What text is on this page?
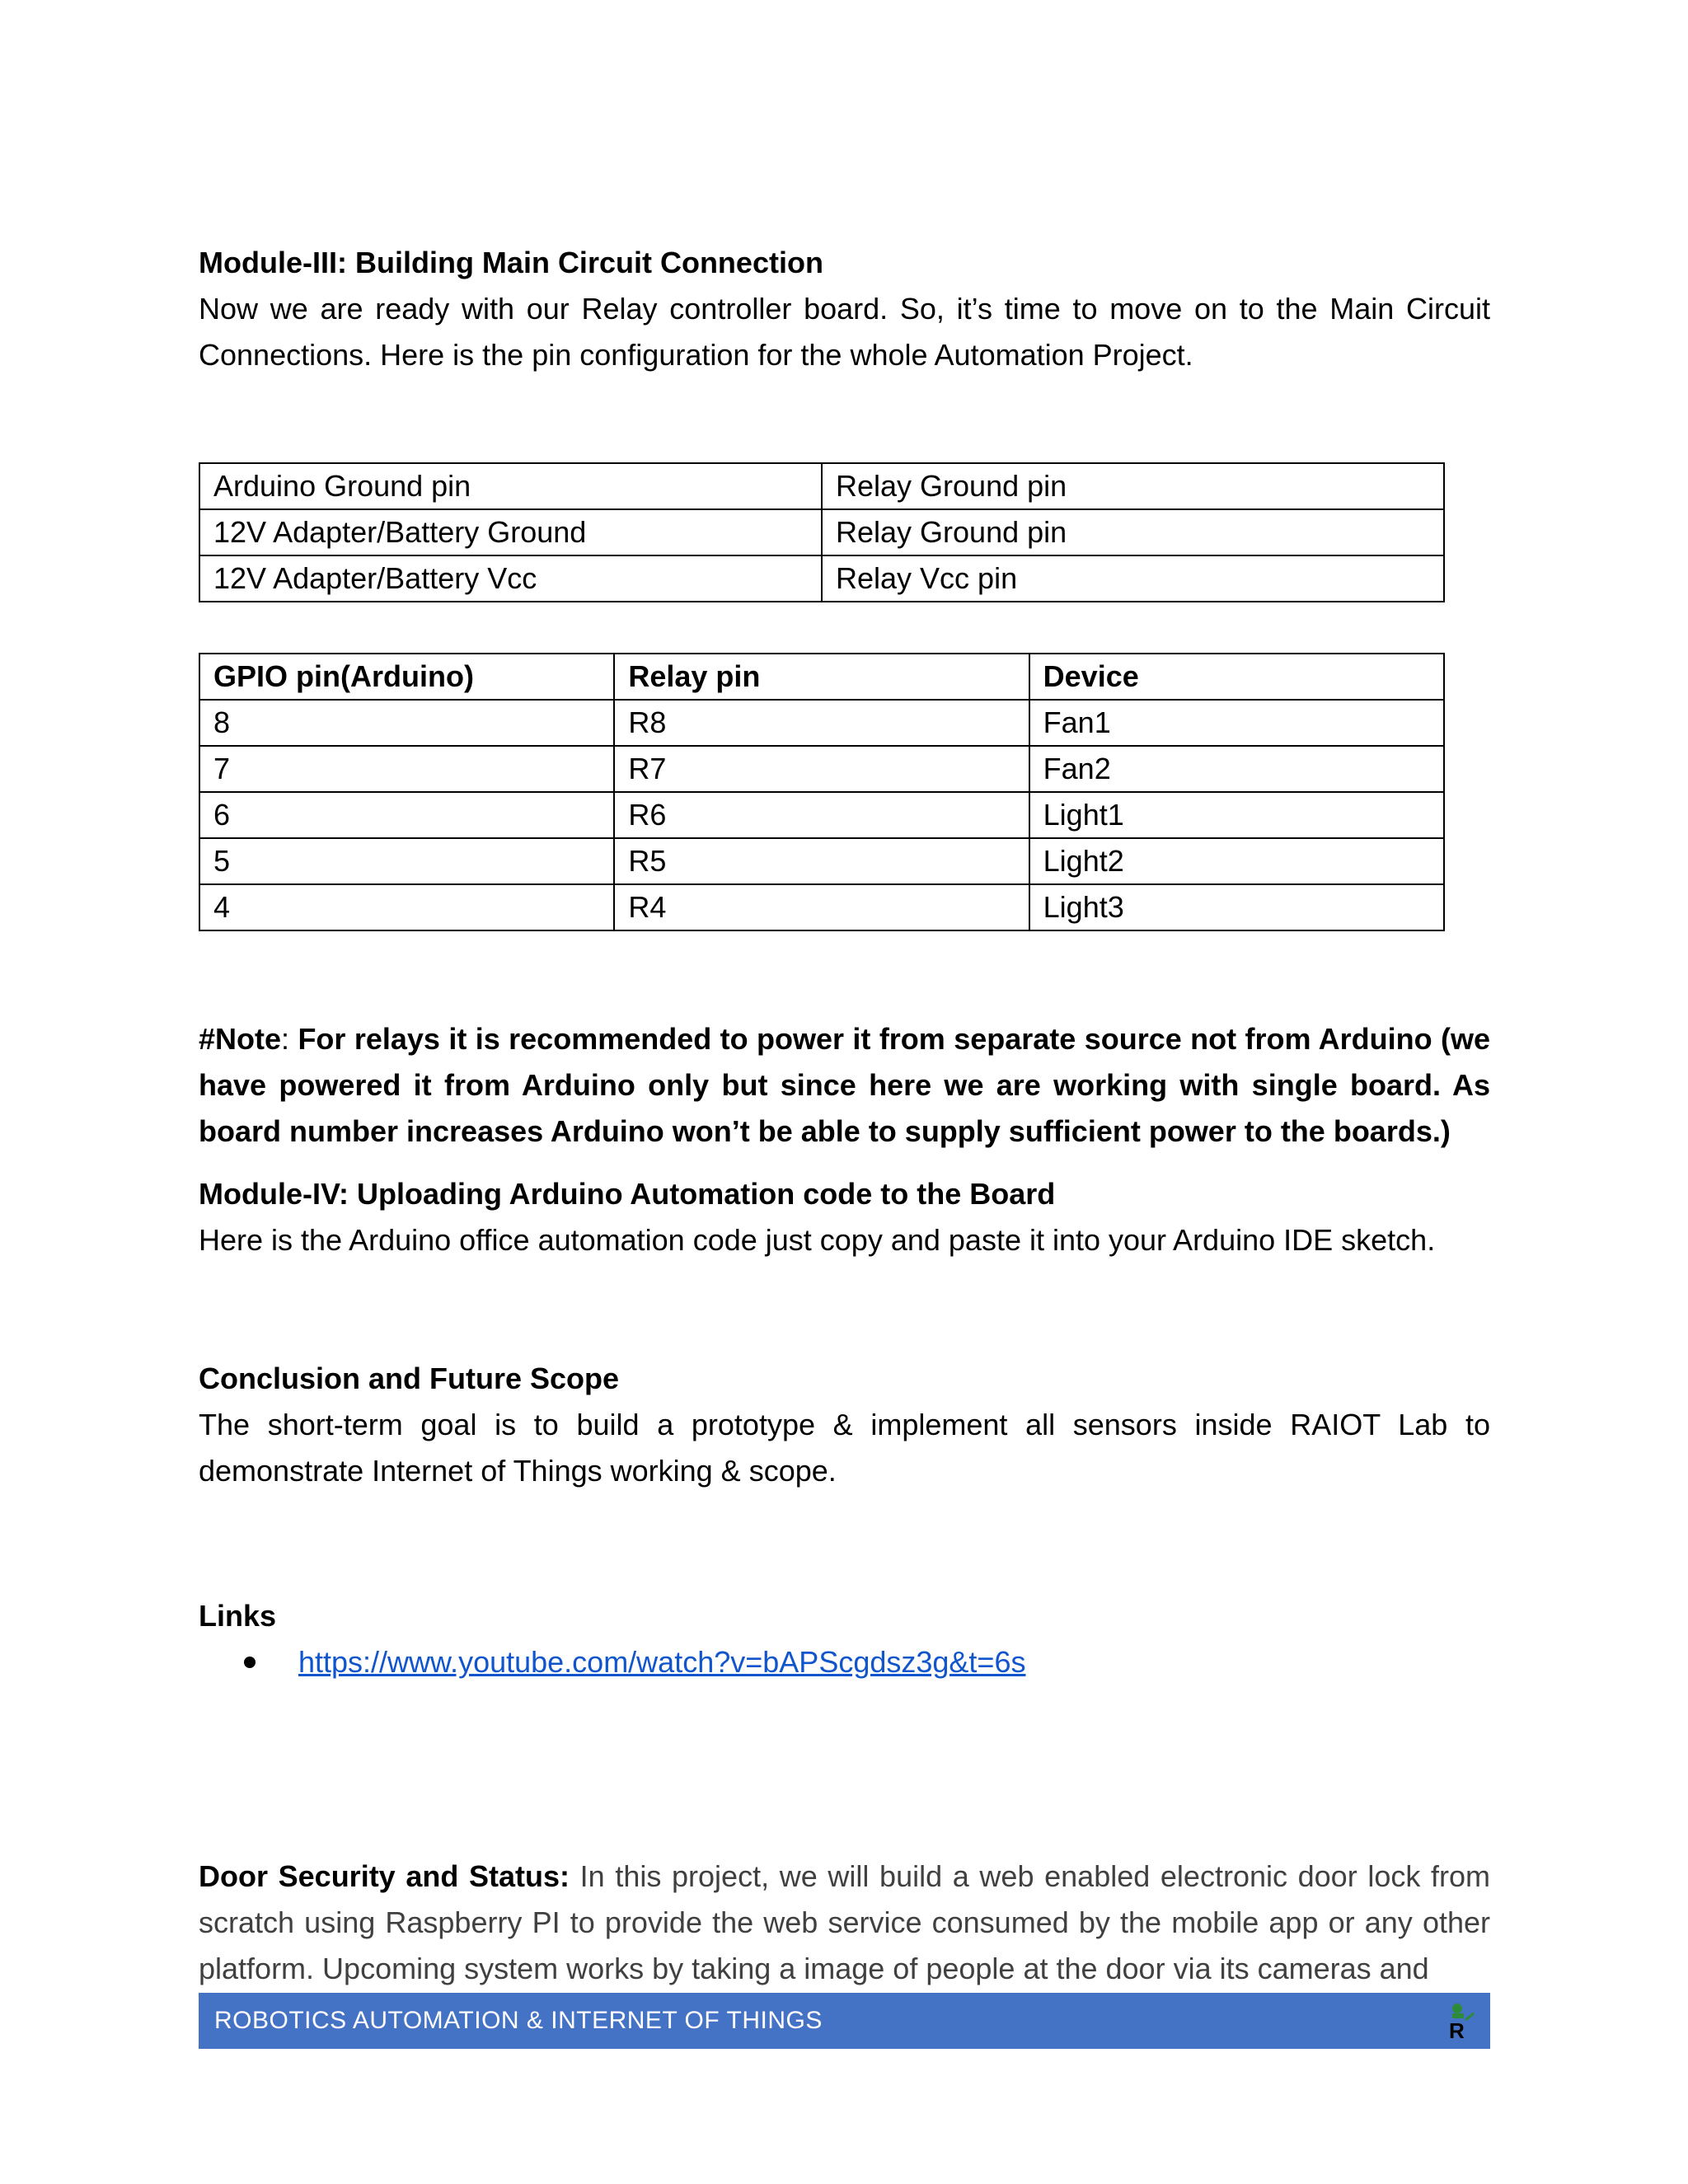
Module-III: Building Main Circuit Connection

Now we are ready with our Relay controller board. So, it’s time to move on to the Main Circuit Connections. Here is the pin configuration for the whole Automation Project.

Arduino Ground pin	Relay Ground pin
12V Adapter/Battery Ground	Relay Ground pin
12V Adapter/Battery Vcc	Relay Vcc pin
GPIO pin(Arduino)	Relay pin	Device
8	R8	Fan1
7	R7	Fan2
6	R6	Light1
5	R5	Light2
4	R4	Light3

#Note: For relays it is recommended to power it from separate source not from Arduino (we have powered it from Arduino only but since here we are working with single board. As board number increases Arduino won’t be able to supply sufficient power to the boards.)

Module-IV: Uploading Arduino Automation code to the Board

Here is the Arduino office automation code just copy and paste it into your Arduino IDE sketch.

Conclusion and Future Scope

The short-term goal is to build a prototype & implement all sensors inside RAIOT Lab to demonstrate Internet of Things working & scope.

Links

https://www.youtube.com/watch?v=bAPScgdsz3g&t=6s

Door Security and Status: In this project, we will build a web enabled electronic door lock from scratch using Raspberry PI to provide the web service consumed by the mobile app or any other platform. Upcoming system works by taking a image of people at the door via its cameras and

ROBOTICS AUTOMATION & INTERNET OF THINGS	R
